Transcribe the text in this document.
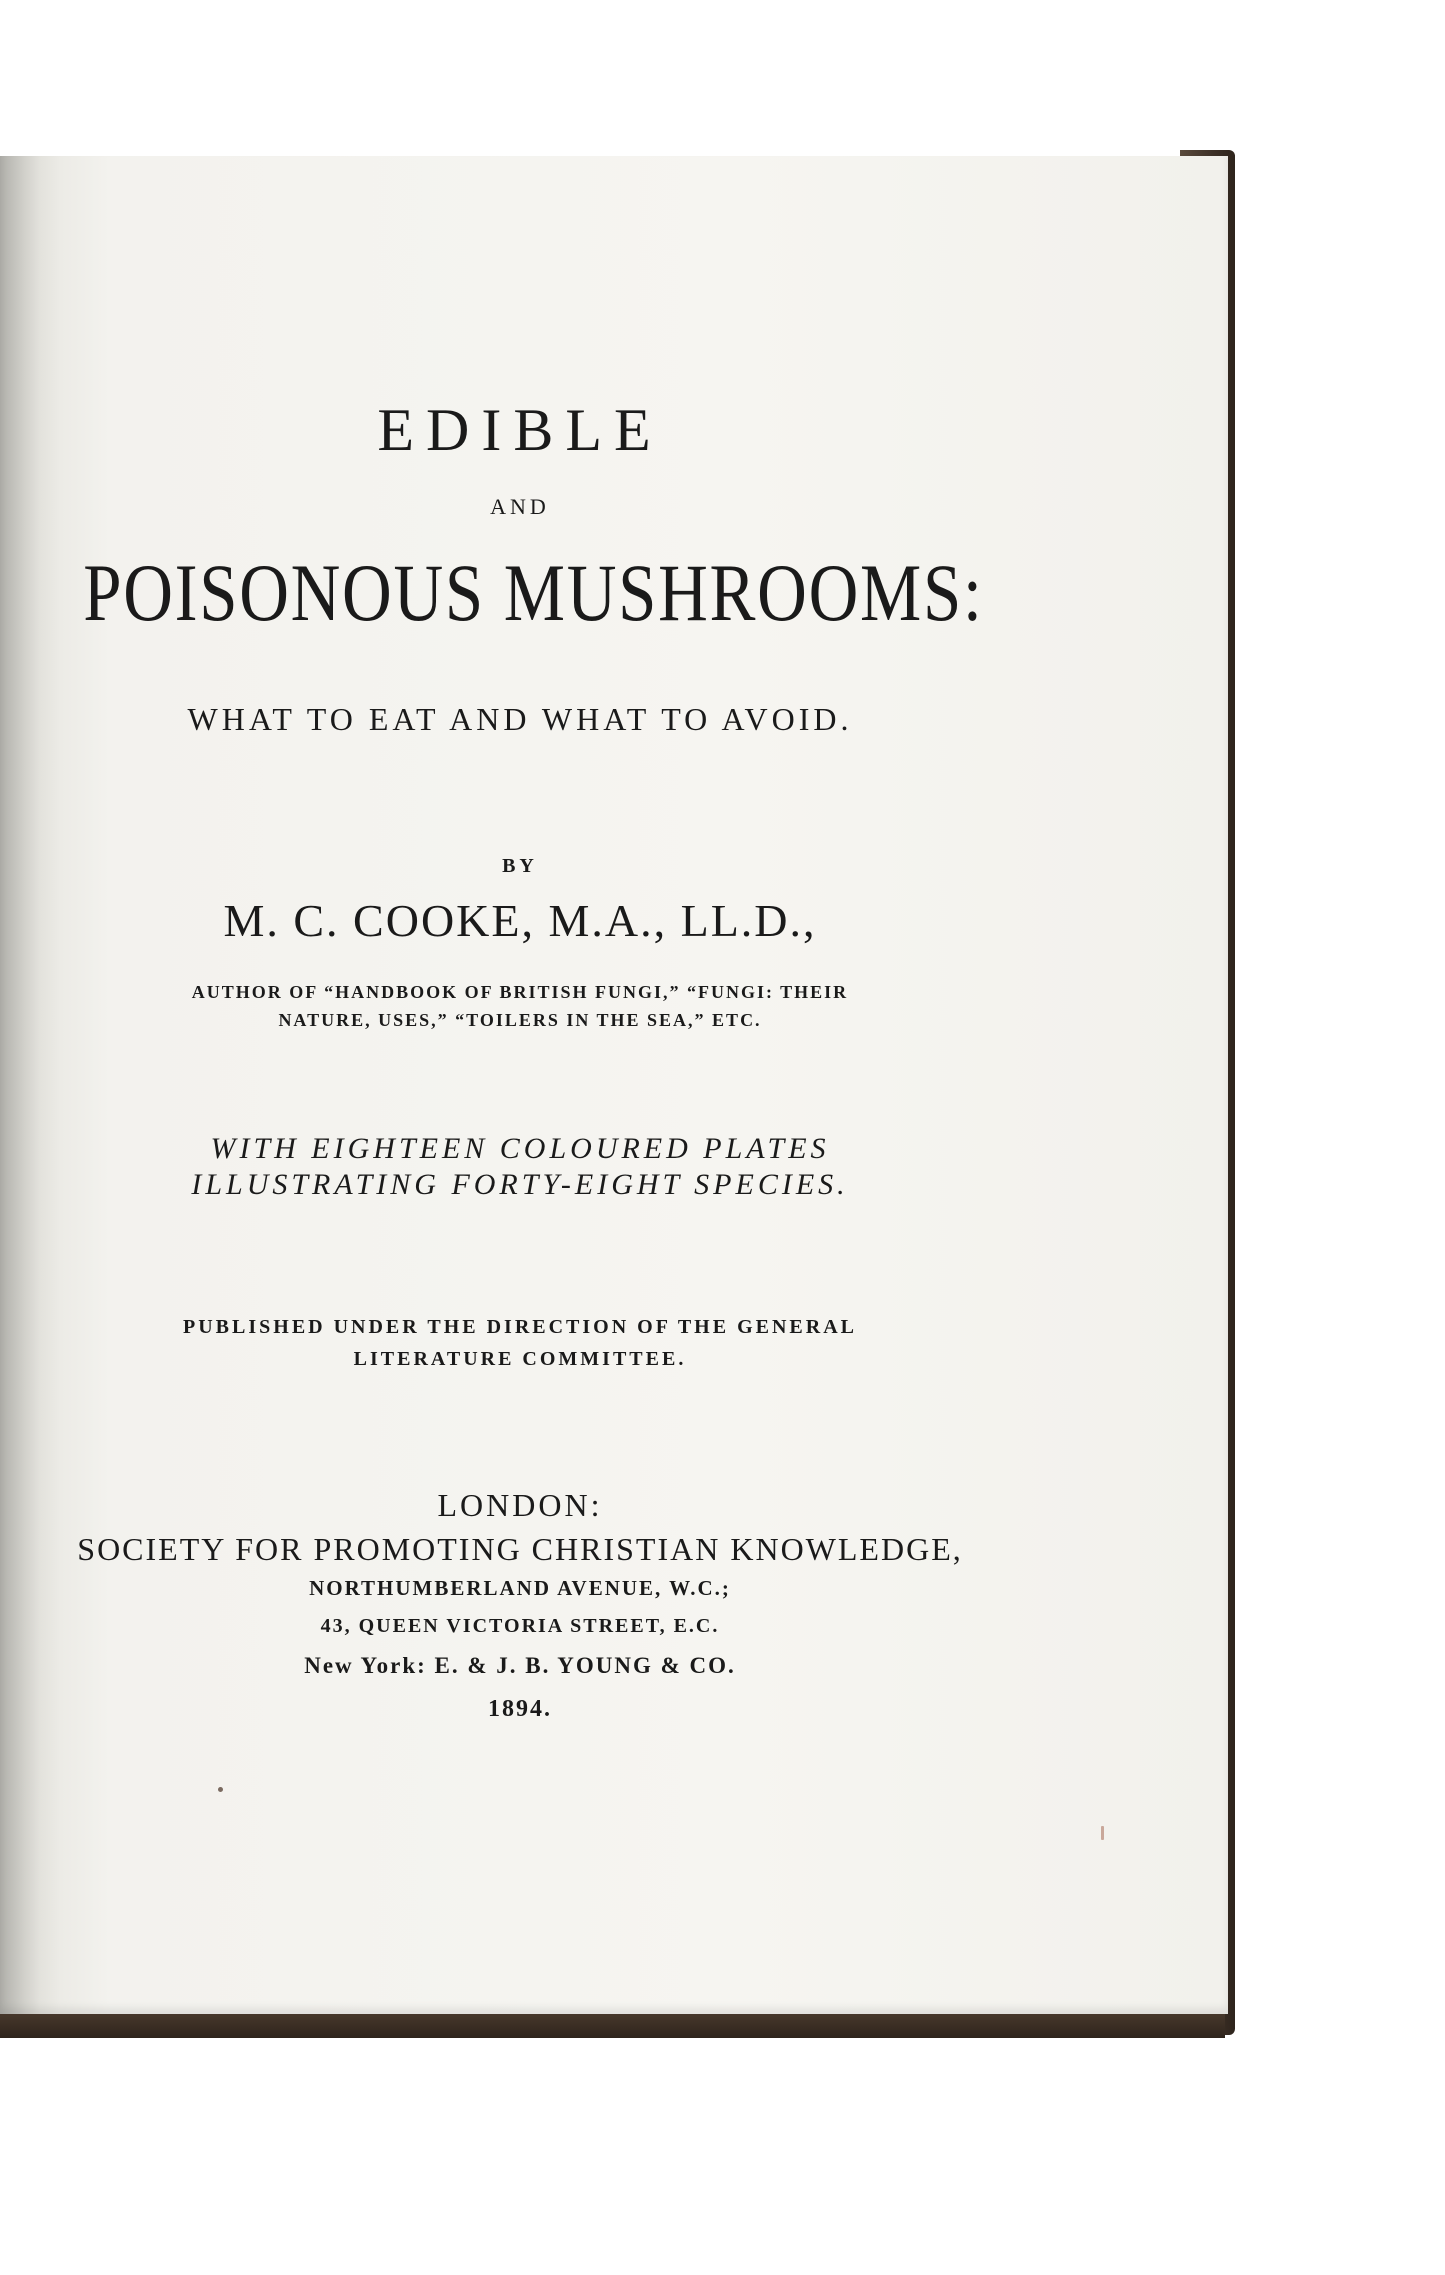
EDIBLE
AND
POISONOUS MUSHROOMS:
WHAT TO EAT AND WHAT TO AVOID.
BY
M. C. COOKE, M.A., LL.D.,
AUTHOR OF “HANDBOOK OF BRITISH FUNGI,” “FUNGI: THEIR
NATURE, USES,” “TOILERS IN THE SEA,” ETC.
WITH EIGHTEEN COLOURED PLATES
ILLUSTRATING FORTY-EIGHT SPECIES.
PUBLISHED UNDER THE DIRECTION OF THE GENERAL
LITERATURE COMMITTEE.
LONDON:
SOCIETY FOR PROMOTING CHRISTIAN KNOWLEDGE,
NORTHUMBERLAND AVENUE, W.C.;
43, QUEEN VICTORIA STREET, E.C.
New York: E. & J. B. YOUNG & CO.
1894.
